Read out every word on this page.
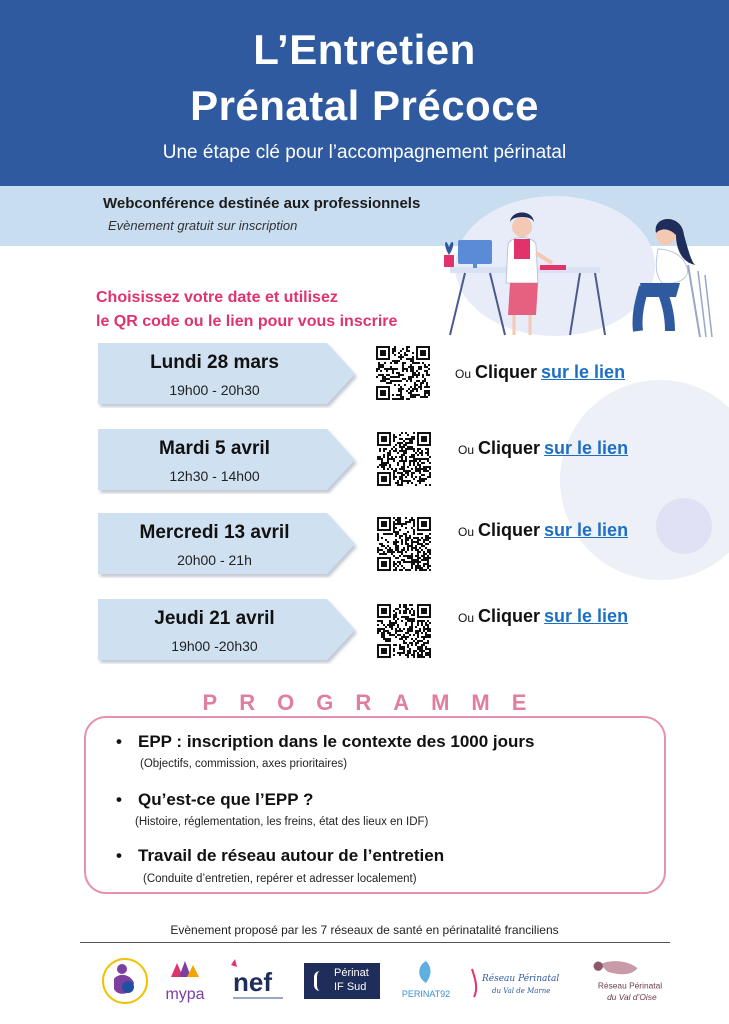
L’Entretien
Prénatal Précoce
Une étape clé pour l’accompagnement périnatal
Webconférence destinée aux professionnels
Evènement gratuit sur inscription
Choisissez votre date et utilisez
le QR code ou le lien pour vous inscrire
Lundi 28 mars
19h00 - 20h30
Mardi 5 avril
12h30 - 14h00
Mercredi 13 avril
20h00 - 21h
Jeudi 21 avril
19h00 -20h30
Ou Cliquer sur le lien
Ou Cliquer sur le lien
Ou Cliquer sur le lien
Ou Cliquer sur le lien
PROGRAMME
• EPP : inscription dans le contexte des 1000 jours
(Objectifs, commission, axes prioritaires)
• Qu’est-ce que l’EPP ?
(Histoire, réglementation, les freins, état des lieux en IDF)
• Travail de réseau autour de l’entretien
(Conduite d’entretien, repérer et adresser localement)
Evènement proposé par les 7 réseaux de santé en périnatalité franciliens
mypa nef	Périnat
IF Sud
PERINAT92
Réseau Périnatal
du Val de Marne
Réseau Périnatal
du Val d’Oise
